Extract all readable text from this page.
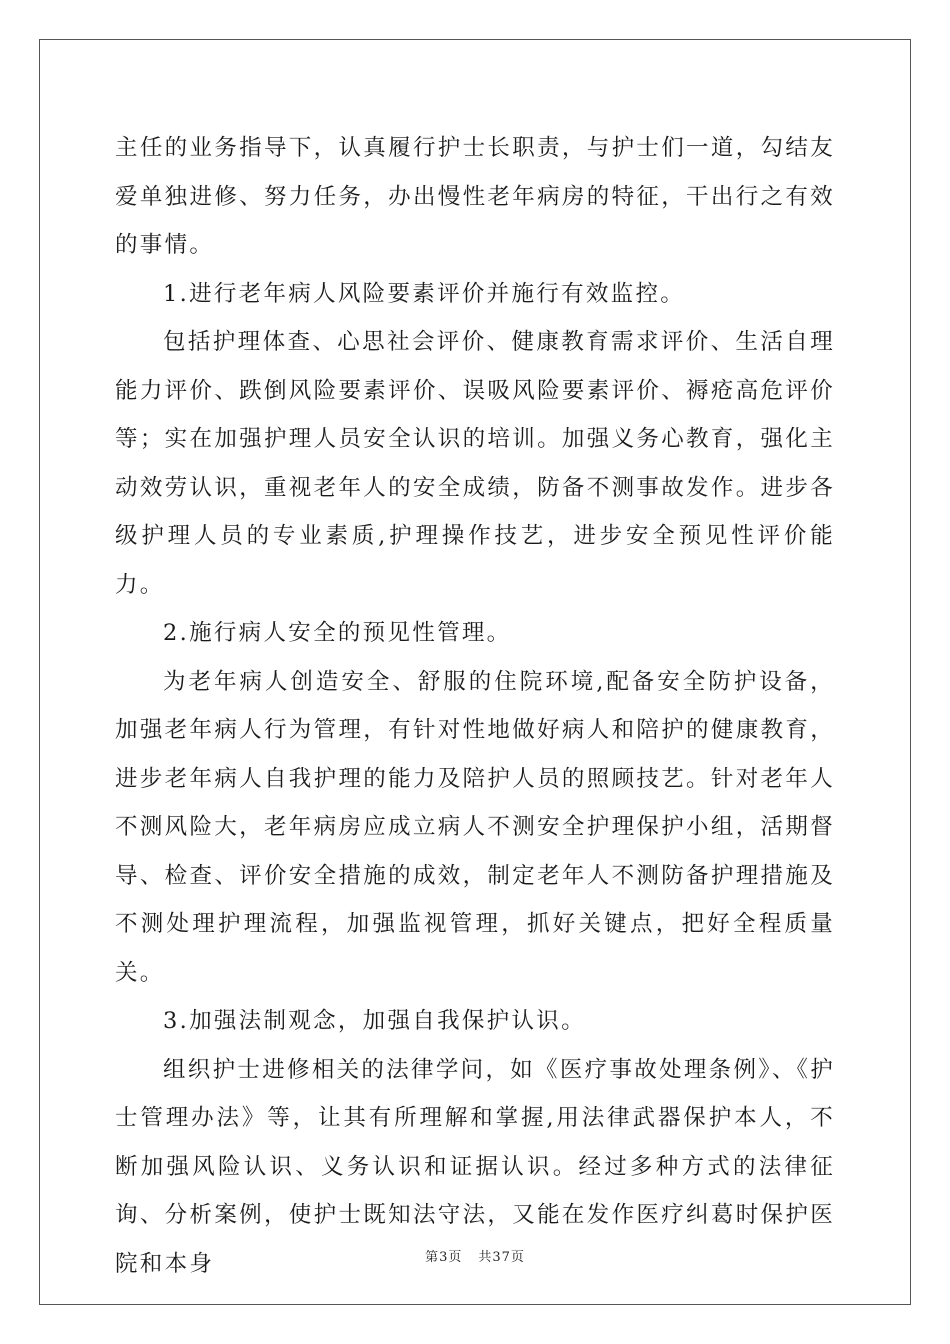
主任的业务指导下，认真履行护士长职责，与护士们一道，勾结友爱单独进修、努力任务，办出慢性老年病房的特征，干出行之有效的事情。

1.进行老年病人风险要素评价并施行有效监控。

包括护理体查、心思社会评价、健康教育需求评价、生活自理能力评价、跌倒风险要素评价、误吸风险要素评价、褥疮高危评价等；实在加强护理人员安全认识的培训。加强义务心教育，强化主动效劳认识，重视老年人的安全成绩，防备不测事故发作。进步各级护理人员的专业素质,护理操作技艺，进步安全预见性评价能力。

2.施行病人安全的预见性管理。

为老年病人创造安全、舒服的住院环境,配备安全防护设备，加强老年病人行为管理，有针对性地做好病人和陪护的健康教育，进步老年病人自我护理的能力及陪护人员的照顾技艺。针对老年人不测风险大，老年病房应成立病人不测安全护理保护小组，活期督导、检查、评价安全措施的成效，制定老年人不测防备护理措施及不测处理护理流程，加强监视管理，抓好关键点，把好全程质量关。

3.加强法制观念，加强自我保护认识。

组织护士进修相关的法律学问，如《医疗事故处理条例》、《护士管理办法》等，让其有所理解和掌握,用法律武器保护本人，不断加强风险认识、义务认识和证据认识。经过多种方式的法律征询、分析案例，使护士既知法守法，又能在发作医疗纠葛时保护医院和本身	第3页 共37页
